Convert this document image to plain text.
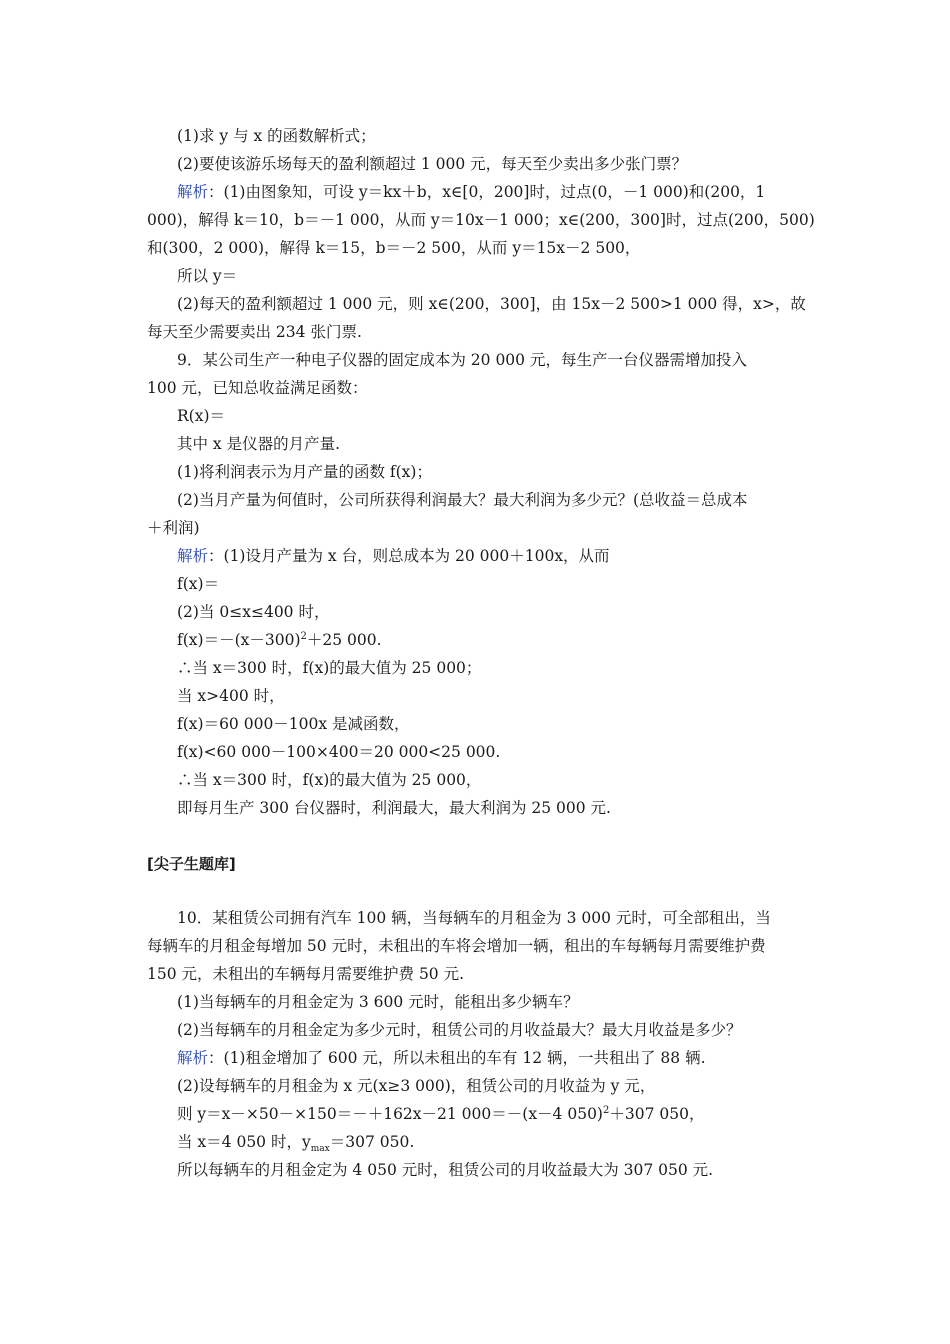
(1)求 y 与 x 的函数解析式；
(2)要使该游乐场每天的盈利额超过 1 000 元，每天至少卖出多少张门票？
解析：(1)由图象知，可设 y＝kx＋b，x∈[0，200]时，过点(0，－1 000)和(200，1
000)，解得 k＝10，b＝－1 000，从而 y＝10x－1 000；x∈(200，300]时，过点(200，500)
和(300，2 000)，解得 k＝15，b＝－2 500，从而 y＝15x－2 500，
所以 y＝
(2)每天的盈利额超过 1 000 元，则 x∈(200，300]，由 15x－2 500>1 000 得，x>，故
每天至少需要卖出 234 张门票.
9．某公司生产一种电子仪器的固定成本为 20 000 元，每生产一台仪器需增加投入
100 元，已知总收益满足函数：
R(x)＝
其中 x 是仪器的月产量.
(1)将利润表示为月产量的函数 f(x)；
(2)当月产量为何值时，公司所获得利润最大？最大利润为多少元？(总收益＝总成本
＋利润)
解析：(1)设月产量为 x 台，则总成本为 20 000＋100x，从而
f(x)＝
(2)当 0≤x≤400 时，
$f(x)=-(x-300)^2+25$ 000.
∴当 x＝300 时，f(x)的最大值为 25 000；
当 x>400 时，
f(x)＝60 000－100x 是减函数，
f(x)<60 000－100×400＝20 000<25 000.
∴当 x＝300 时，f(x)的最大值为 25 000，
即每月生产 300 台仪器时，利润最大，最大利润为 25 000 元.
[尖子生题库]
10．某租赁公司拥有汽车 100 辆，当每辆车的月租金为 3 000 元时，可全部租出，当
每辆车的月租金每增加 50 元时，未租出的车将会增加一辆，租出的车每辆每月需要维护费
150 元，未租出的车辆每月需要维护费 50 元.
(1)当每辆车的月租金定为 3 600 元时，能租出多少辆车？
(2)当每辆车的月租金定为多少元时，租赁公司的月收益最大？最大月收益是多少？
解析：(1)租金增加了 600 元，所以未租出的车有 12 辆，一共租出了 88 辆.
(2)设每辆车的月租金为 x 元(x≥3 000)，租赁公司的月收益为 y 元，
则 y＝x－×50－×150＝－＋162x－21 000＝－(x－4 050)$^2$＋307 050，
当 x＝4 050 时，$y_{max}=307$ 050.
所以每辆车的月租金定为 4 050 元时，租赁公司的月收益最大为 307 050 元.
